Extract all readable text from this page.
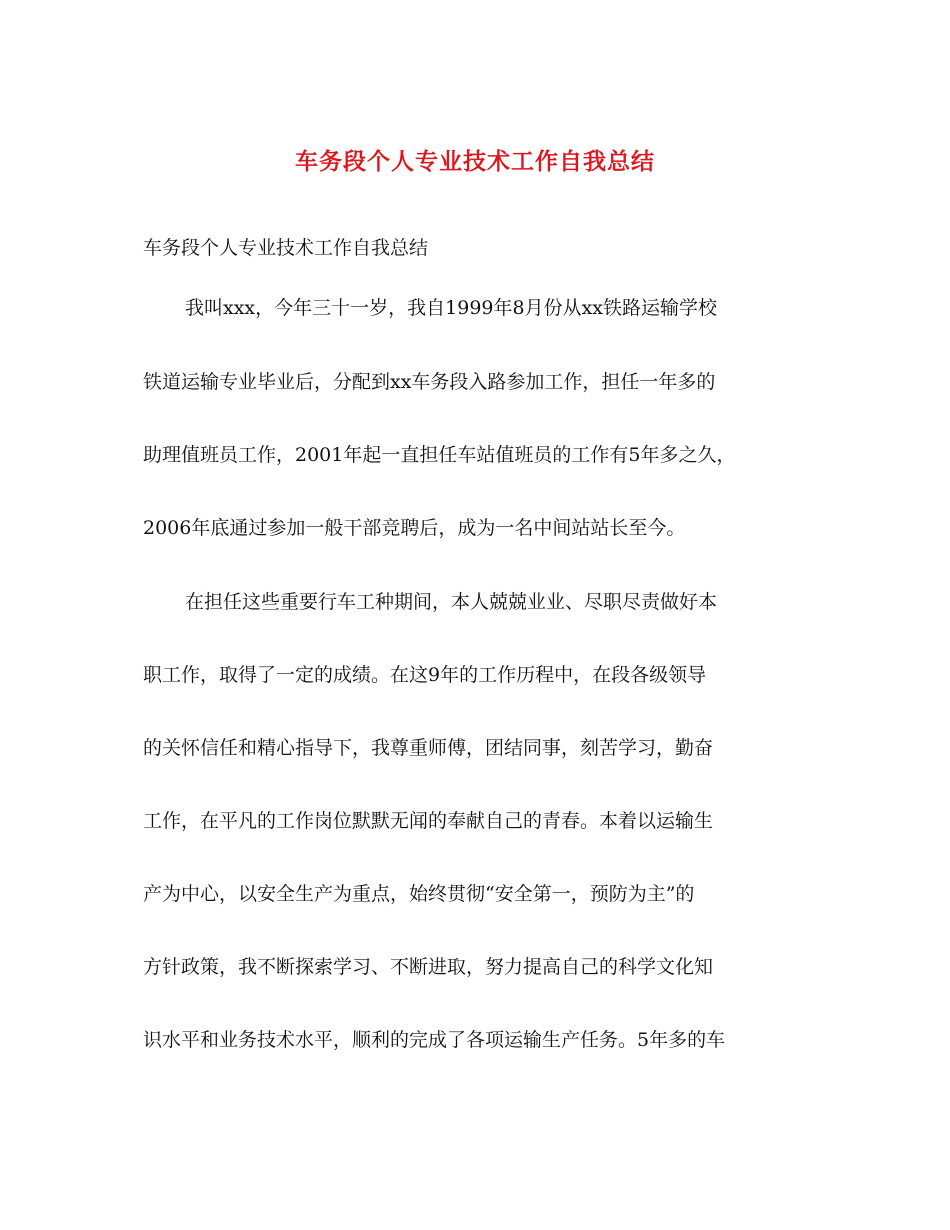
车务段个人专业技术工作自我总结
车务段个人专业技术工作自我总结
我叫xxx，今年三十一岁，我自1999年8月份从xx铁路运输学校
铁道运输专业毕业后，分配到xx车务段入路参加工作，担任一年多的
助理值班员工作，2001年起一直担任车站值班员的工作有5年多之久，
2006年底通过参加一般干部竞聘后，成为一名中间站站长至今。
在担任这些重要行车工种期间，本人兢兢业业、尽职尽责做好本
职工作，取得了一定的成绩。在这9年的工作历程中，在段各级领导
的关怀信任和精心指导下，我尊重师傅，团结同事，刻苦学习，勤奋
工作，在平凡的工作岗位默默无闻的奉献自己的青春。本着以运输生
产为中心，以安全生产为重点，始终贯彻“安全第一，预防为主”的
方针政策，我不断探索学习、不断进取，努力提高自己的科学文化知
识水平和业务技术水平，顺利的完成了各项运输生产任务。5年多的车
